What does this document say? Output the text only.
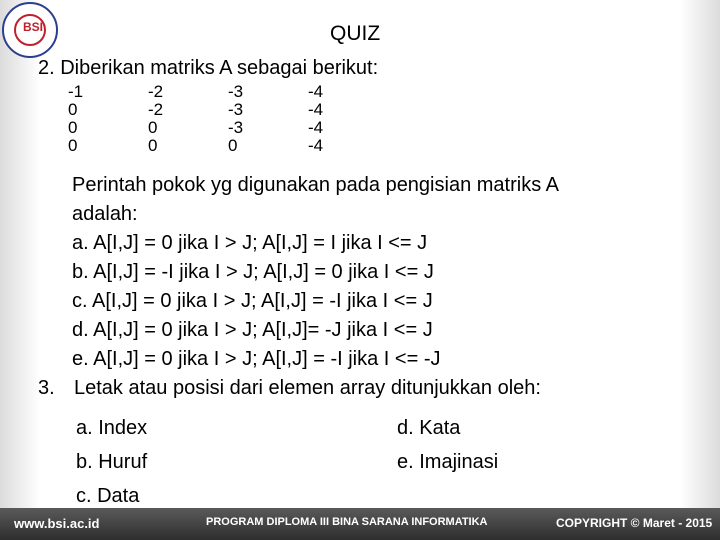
BSI	QUIZ
2. Diberikan matriks A sebagai berikut:
-1	-2	-3	-4
0	-2	-3	-4
0	0	-3	-4
0	0	0	-4
Perintah pokok yg digunakan pada pengisian matriks A
adalah:
a. A[I,J] = 0 jika I > J; A[I,J] = I jika I <= J
b. A[I,J] = -I jika I > J; A[I,J] = 0 jika I <= J
c. A[I,J] = 0 jika I > J; A[I,J] = -I jika I <= J
d. A[I,J] = 0 jika I > J; A[I,J]= -J jika I <= J
e. A[I,J] = 0 jika I > J; A[I,J] = -I jika I <= -J
3. Letak atau posisi dari elemen array ditunjukkan oleh:
a. Index
b. Huruf
c. Data
d. Kata
e. Imajinasi
www.bsi.ac.id	PROGRAM DIPLOMA III BINA SARANA INFORMATIKA	COPYRIGHT © Maret - 2015
